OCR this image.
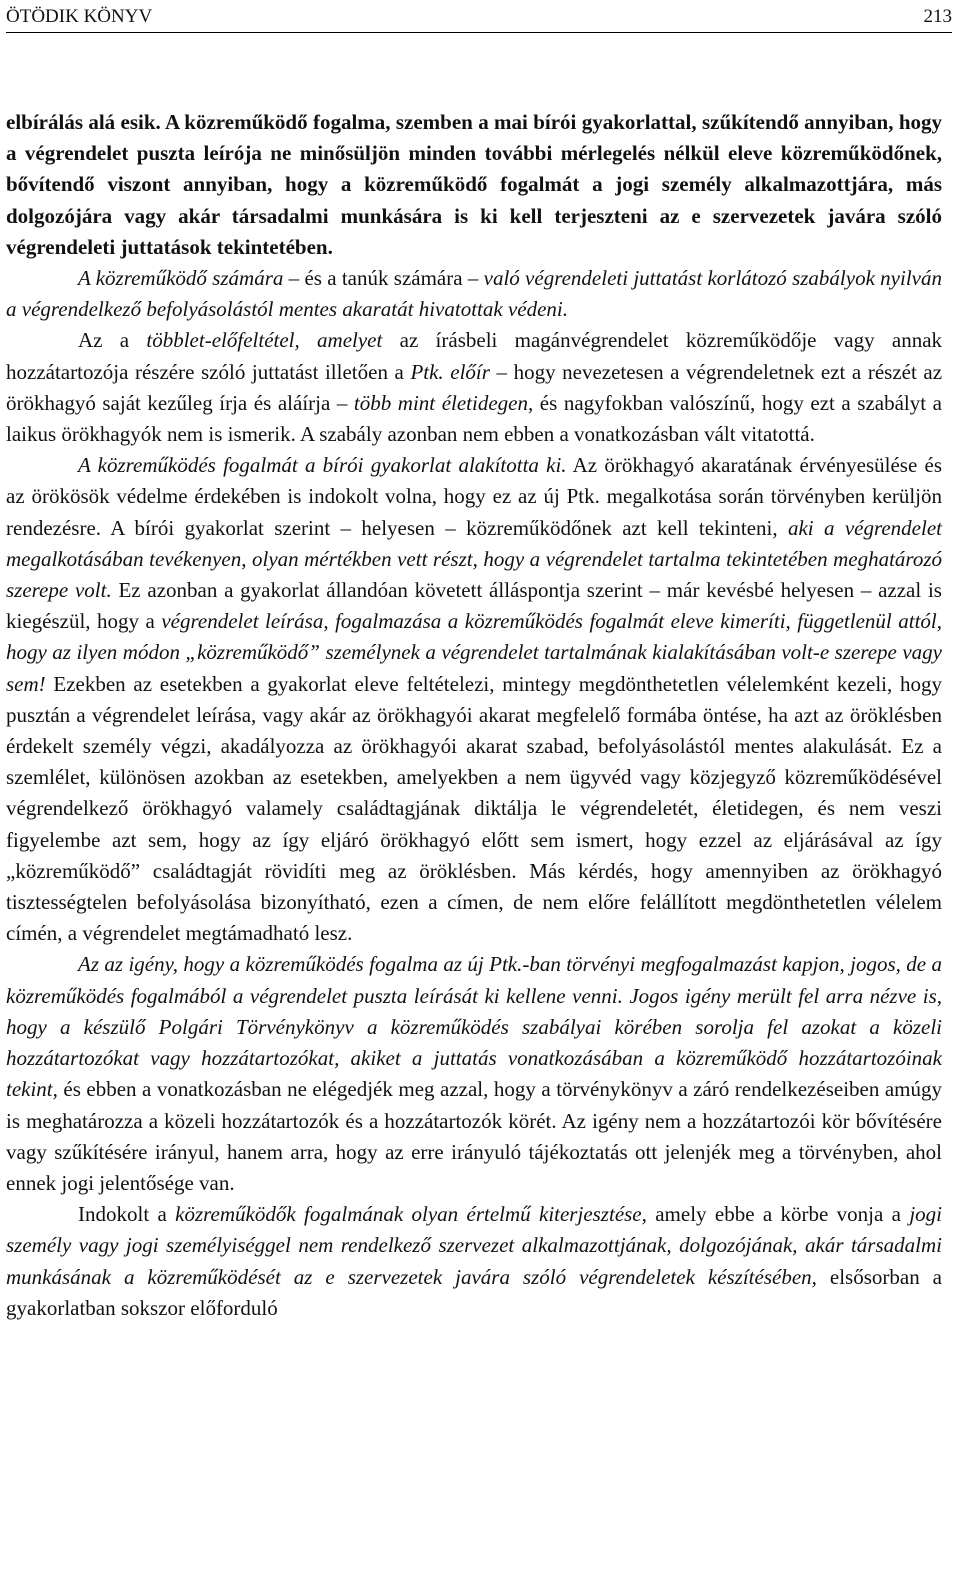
ÖTÖDIK KÖNYV	213

elbírálás alá esik. A közreműködő fogalma, szemben a mai bírói gyakorlattal, szűkítendő annyiban, hogy a végrendelet puszta leírója ne minősüljön minden további mérlegelés nélkül eleve közreműködőnek, bővítendő viszont annyiban, hogy a közreműködő fogalmát a jogi személy alkalmazottjára, más dolgozójára vagy akár társadalmi munkására is ki kell terjeszteni az e szervezetek javára szóló végrendeleti juttatások tekintetében.

A közreműködő számára – és a tanúk számára – való végrendeleti juttatást korlátozó szabályok nyilván a végrendelkező befolyásolástól mentes akaratát hivatottak védeni.

Az a többlet-előfeltétel, amelyet az írásbeli magánvégrendelet közreműködője vagy annak hozzátartozója részére szóló juttatást illetően a Ptk. előír – hogy nevezetesen a végrendeletnek ezt a részét az örökhagyó saját kezűleg írja és aláírja – több mint életidegen, és nagyfokban valószínű, hogy ezt a szabályt a laikus örökhagyók nem is ismerik. A szabály azonban nem ebben a vonatkozásban vált vitatottá.

A közreműködés fogalmát a bírói gyakorlat alakította ki. Az örökhagyó akaratának érvényesülése és az örökösök védelme érdekében is indokolt volna, hogy ez az új Ptk. megalkotása során törvényben kerüljön rendezésre. A bírói gyakorlat szerint – helyesen – közreműködőnek azt kell tekinteni, aki a végrendelet megalkotásában tevékenyen, olyan mértékben vett részt, hogy a végrendelet tartalma tekintetében meghatározó szerepe volt. Ez azonban a gyakorlat állandóan követett álláspontja szerint – már kevésbé helyesen – azzal is kiegészül, hogy a végrendelet leírása, fogalmazása a közreműködés fogalmát eleve kimeríti, függetlenül attól, hogy az ilyen módon „közreműködő” személynek a végrendelet tartalmának kialakításában volt-e szerepe vagy sem! Ezekben az esetekben a gyakorlat eleve feltételezi, mintegy megdönthetetlen vélelemként kezeli, hogy pusztán a végrendelet leírása, vagy akár az örökhagyói akarat megfelelő formába öntése, ha azt az öröklésben érdekelt személy végzi, akadályozza az örökhagyói akarat szabad, befolyásolástól mentes alakulását. Ez a szemlélet, különösen azokban az esetekben, amelyekben a nem ügyvéd vagy közjegyző közreműködésével végrendelkező örökhagyó valamely családtagjának diktálja le végrendeletét, életidegen, és nem veszi figyelembe azt sem, hogy az így eljáró örökhagyó előtt sem ismert, hogy ezzel az eljárásával az így „közreműködő” családtagját rövidíti meg az öröklésben. Más kérdés, hogy amennyiben az örökhagyó tisztességtelen befolyásolása bizonyítható, ezen a címen, de nem előre felállított megdönthetetlen vélelem címén, a végrendelet megtámadható lesz.

Az az igény, hogy a közreműködés fogalma az új Ptk.-ban törvényi megfogalmazást kapjon, jogos, de a közreműködés fogalmából a végrendelet puszta leírását ki kellene venni. Jogos igény merült fel arra nézve is, hogy a készülő Polgári Törvénykönyv a közreműködés szabályai körében sorolja fel azokat a közeli hozzátartozókat vagy hozzátartozókat, akiket a juttatás vonatkozásában a közreműködő hozzátartozóinak tekint, és ebben a vonatkozásban ne elégedjék meg azzal, hogy a törvénykönyv a záró rendelkezéseiben amúgy is meghatározza a közeli hozzátartozók és a hozzátartozók körét. Az igény nem a hozzátartozói kör bővítésére vagy szűkítésére irányul, hanem arra, hogy az erre irányuló tájékoztatás ott jelenjék meg a törvényben, ahol ennek jogi jelentősége van.

Indokolt a közreműködők fogalmának olyan értelmű kiterjesztése, amely ebbe a körbe vonja a jogi személy vagy jogi személyiséggel nem rendelkező szervezet alkalmazottjának, dolgozójának, akár társadalmi munkásának a közreműködését az e szervezetek javára szóló végrendeletek készítésében, elsősorban a gyakorlatban sokszor előforduló
